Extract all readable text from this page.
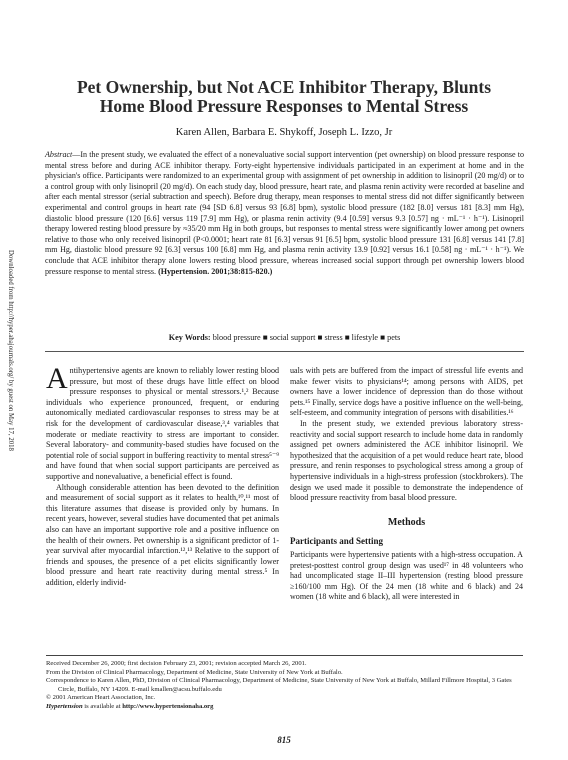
Downloaded from http://hyper.ahajournals.org/ by guest on May 17, 2018
Pet Ownership, but Not ACE Inhibitor Therapy, Blunts
Home Blood Pressure Responses to Mental Stress
Karen Allen, Barbara E. Shykoff, Joseph L. Izzo, Jr
Abstract—In the present study, we evaluated the effect of a nonevaluative social support intervention (pet ownership) on blood pressure response to mental stress before and during ACE inhibitor therapy. Forty-eight hypertensive individuals participated in an experiment at home and in the physician's office. Participants were randomized to an experimental group with assignment of pet ownership in addition to lisinopril (20 mg/d) or to a control group with only lisinopril (20 mg/d). On each study day, blood pressure, heart rate, and plasma renin activity were recorded at baseline and after each mental stressor (serial subtraction and speech). Before drug therapy, mean responses to mental stress did not differ significantly between experimental and control groups in heart rate (94 [SD 6.8] versus 93 [6.8] bpm), systolic blood pressure (182 [8.0] versus 181 [8.3] mm Hg), diastolic blood pressure (120 [6.6] versus 119 [7.9] mm Hg), or plasma renin activity (9.4 [0.59] versus 9.3 [0.57] ng · mL⁻¹ · h⁻¹). Lisinopril therapy lowered resting blood pressure by ≈35/20 mm Hg in both groups, but responses to mental stress were significantly lower among pet owners relative to those who only received lisinopril (P<0.0001; heart rate 81 [6.3] versus 91 [6.5] bpm, systolic blood pressure 131 [6.8] versus 141 [7.8] mm Hg, diastolic blood pressure 92 [6.3] versus 100 [6.8] mm Hg, and plasma renin activity 13.9 [0.92] versus 16.1 [0.58] ng · mL⁻¹ · h⁻¹). We conclude that ACE inhibitor therapy alone lowers resting blood pressure, whereas increased social support through pet ownership lowers blood pressure response to mental stress. (Hypertension. 2001;38:815-820.)
Key Words: blood pressure ■ social support ■ stress ■ lifestyle ■ pets

Antihypertensive agents are known to reliably lower resting blood pressure, but most of these drugs have little effect on blood pressure responses to physical or mental stressors.¹,² Because individuals who experience pronounced, frequent, or enduring autonomically mediated cardiovascular responses to stress may be at risk for the development of cardiovascular disease,³,⁴ variables that moderate or mediate reactivity to stress are important to consider. Several laboratory- and community-based studies have focused on the potential role of social support in buffering reactivity to mental stress⁵⁻⁹ and have found that when social support participants are perceived as supportive and nonevaluative, a beneficial effect is found.

Although considerable attention has been devoted to the definition and measurement of social support as it relates to health,¹⁰,¹¹ most of this literature assumes that disease is provided only by humans. In recent years, however, several studies have documented that pet animals also can have an important supportive role and a positive influence on the health of their owners. Pet ownership is a significant predictor of 1-year survival after myocardial infarction.¹²,¹³ Relative to the support of friends and spouses, the presence of a pet elicits significantly lower blood pressure and heart rate reactivity during mental stress.⁵ In addition, elderly individ-

uals with pets are buffered from the impact of stressful life events and make fewer visits to physicians¹⁴; among persons with AIDS, pet owners have a lower incidence of depression than do those without pets.¹⁵ Finally, service dogs have a positive influence on the well-being, self-esteem, and community integration of persons with disabilities.¹⁶

In the present study, we extended previous laboratory stress-reactivity and social support research to include home data in randomly assigned pet owners administered the ACE inhibitor lisinopril. We hypothesized that the acquisition of a pet would reduce heart rate, blood pressure, and renin responses to psychological stress among a group of hypertensive individuals in a high-stress profession (stockbrokers). The design we used made it possible to demonstrate the independence of blood pressure reactivity from basal blood pressure.

Methods

Participants and Setting

Participants were hypertensive patients with a high-stress occupation. A pretest-posttest control group design was used¹⁷ in 48 volunteers who had uncomplicated stage II–III hypertension (resting blood pressure ≥160/100 mm Hg). Of the 24 men (18 white and 6 black) and 24 women (18 white and 6 black), all were interested in

Received December 26, 2000; first decision February 23, 2001; revision accepted March 26, 2001.
From the Division of Clinical Pharmacology, Department of Medicine, State University of New York at Buffalo.
Correspondence to Karen Allen, PhD, Division of Clinical Pharmacology, Department of Medicine, State University of New York at Buffalo, Millard Fillmore Hospital, 3 Gates Circle, Buffalo, NY 14209. E-mail kmallen@acsu.buffalo.edu
© 2001 American Heart Association, Inc.
Hypertension is available at http://www.hypertensionaha.org
815
